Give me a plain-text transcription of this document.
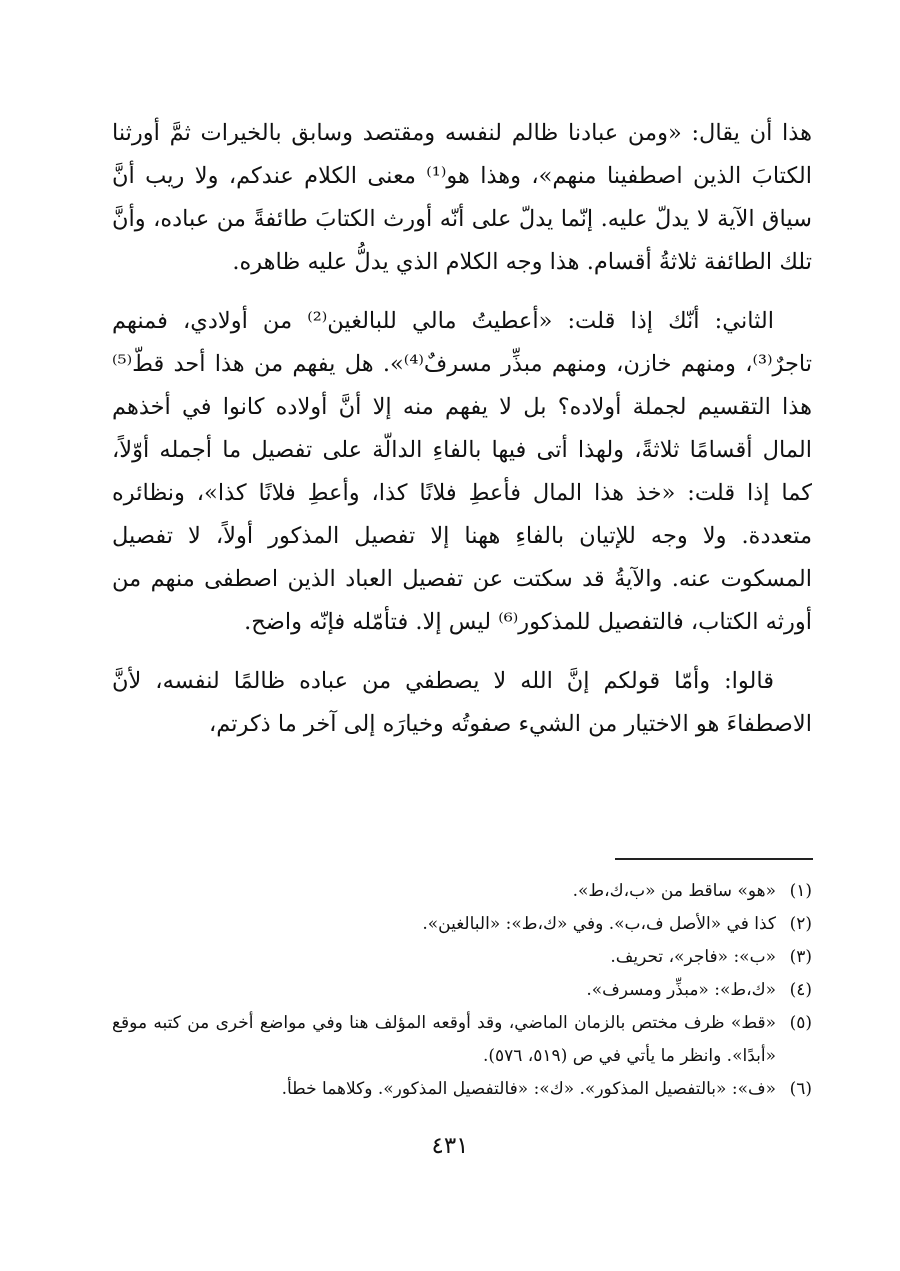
هذا أن يقال: «ومن عبادنا ظالم لنفسه ومقتصد وسابق بالخيرات ثمَّ أورثنا الكتابَ الذين اصطفينا منهم»، وهذا هو⁽¹⁾ معنى الكلام عندكم، ولا ريب أنَّ سياق الآية لا يدلّ عليه. إنّما يدلّ على أنّه أورث الكتابَ طائفةً من عباده، وأنَّ تلك الطائفة ثلاثةُ أقسام. هذا وجه الكلام الذي يدلُّ عليه ظاهره.

الثاني: أنّك إذا قلت: «أعطيتُ مالي للبالغين⁽²⁾ من أولادي، فمنهم تاجرٌ⁽³⁾، ومنهم خازن، ومنهم مبذِّر مسرفٌ⁽⁴⁾». هل يفهم من هذا أحد قطّ⁽⁵⁾ هذا التقسيم لجملة أولاده؟ بل لا يفهم منه إلا أنَّ أولاده كانوا في أخذهم المال أقسامًا ثلاثةً، ولهذا أتى فيها بالفاءِ الدالّة على تفصيل ما أجمله أوّلاً، كما إذا قلت: «خذ هذا المال فأعطِ فلانًا كذا، وأعطِ فلانًا كذا»، ونظائره متعددة. ولا وجه للإتيان بالفاءِ ههنا إلا تفصيل المذكور أولاً، لا تفصيل المسكوت عنه. والآيةُ قد سكتت عن تفصيل العباد الذين اصطفى منهم من أورثه الكتاب، فالتفصيل للمذكور⁽⁶⁾ ليس إلا. فتأمّله فإنّه واضح.

قالوا: وأمّا قولكم إنَّ الله لا يصطفي من عباده ظالمًا لنفسه، لأنَّ الاصطفاءَ هو الاختيار من الشيء صفوتُه وخيارَه إلى آخر ما ذكرتم،

(١)
«هو» ساقط من «ب،ك،ط».
(٢)
كذا في «الأصل ف،ب». وفي «ك،ط»: «البالغين».
(٣)
«ب»: «فاجر»، تحريف.
(٤)
«ك،ط»: «مبذِّر ومسرف».
(٥)
«قط» ظرف مختص بالزمان الماضي، وقد أوقعه المؤلف هنا وفي مواضع أخرى من كتبه موقع «أبدًا». وانظر ما يأتي في ص (٥١٩، ٥٧٦).
(٦)
«ف»: «بالتفصيل المذكور». «ك»: «فالتفصيل المذكور». وكلاهما خطأ.
٤٣١
